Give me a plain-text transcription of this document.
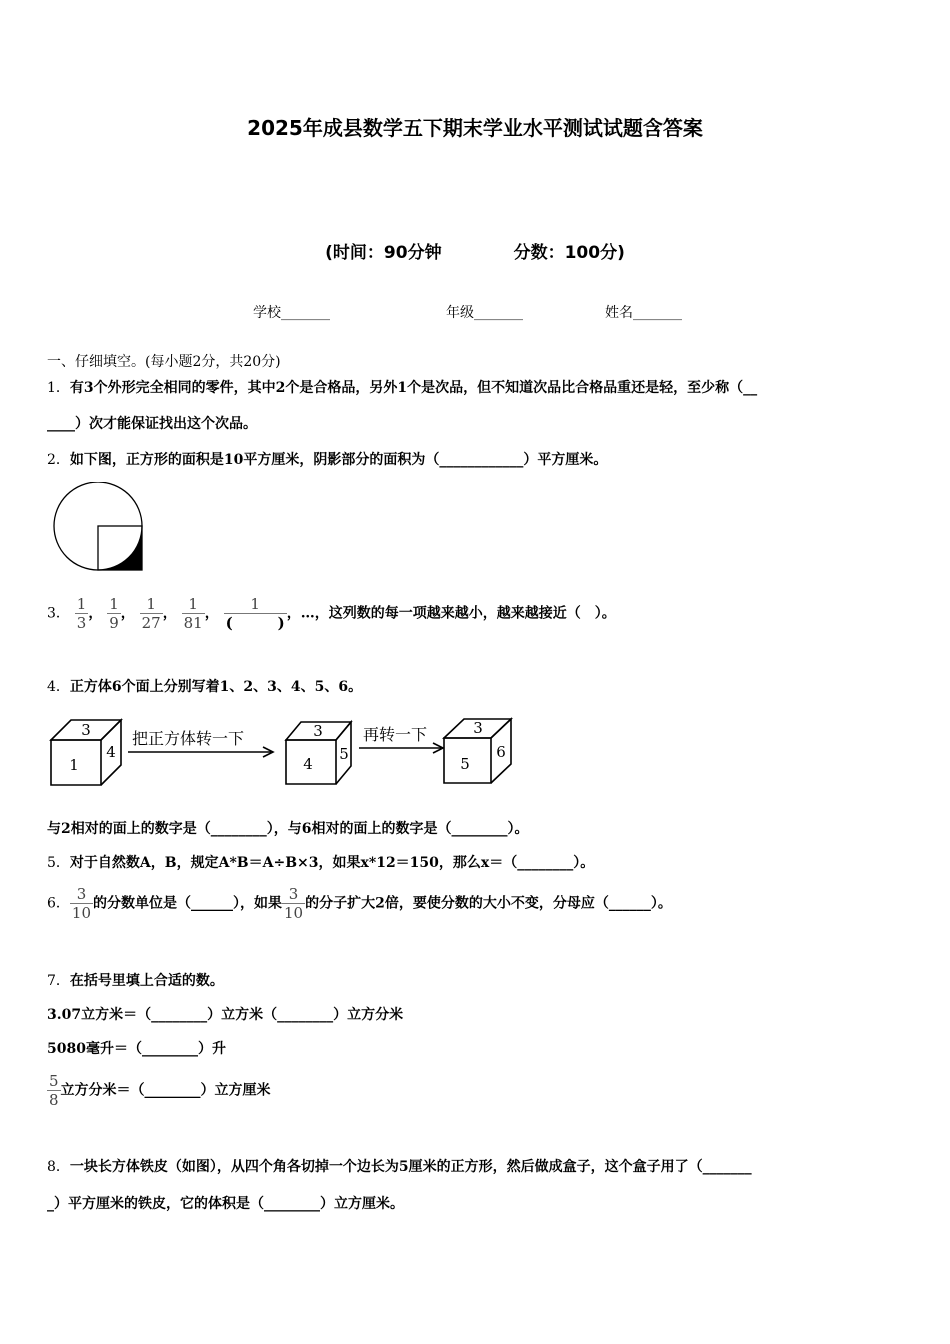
2025年成县数学五下期末学业水平测试试题含答案
(时间：90分钟	分数：100分)
学校_______	年级_______	姓名_______
一、仔细填空。(每小题2分，共20分)
1．有3个外形完全相同的零件，其中2个是合格品，另外1个是次品，但不知道次品比合格品重还是轻，至少称（__
____）次才能保证找出这个次品。
2．如下图，正方形的面积是10平方厘米，阴影部分的面积为（____________）平方厘米。
3． $\frac{1}{3}$ ， $\frac{1}{9}$ ， $\frac{1}{27}$ ， $\frac{1}{81}$ ， $\frac{1}{( )}$ ，…，这列数的每一项越来越小，越来越接近（　）。
4．正方体6个面上分别写着1、2、3、4、5、6。
3
1
4
3
4
5
3
5
6
把正方体转一下	再转一下
与2相对的面上的数字是（________），与6相对的面上的数字是（________）。
5．对于自然数A，B，规定A*B＝A÷B×3，如果x*12＝150，那么x＝（________）。
6． $\frac{3}{10}$ 的分数单位是（______），如果 $\frac{3}{10}$ 的分子扩大2倍，要使分数的大小不变，分母应（______）。
7．在括号里填上合适的数。
3.07立方米＝（________）立方米（________）立方分米
5080毫升＝（________）升
$\frac{5}{8}$ 立方分米＝（________）立方厘米
8．一块长方体铁皮（如图），从四个角各切掉一个边长为5厘米的正方形，然后做成盒子，这个盒子用了（_______
_）平方厘米的铁皮，它的体积是（________）立方厘米。
